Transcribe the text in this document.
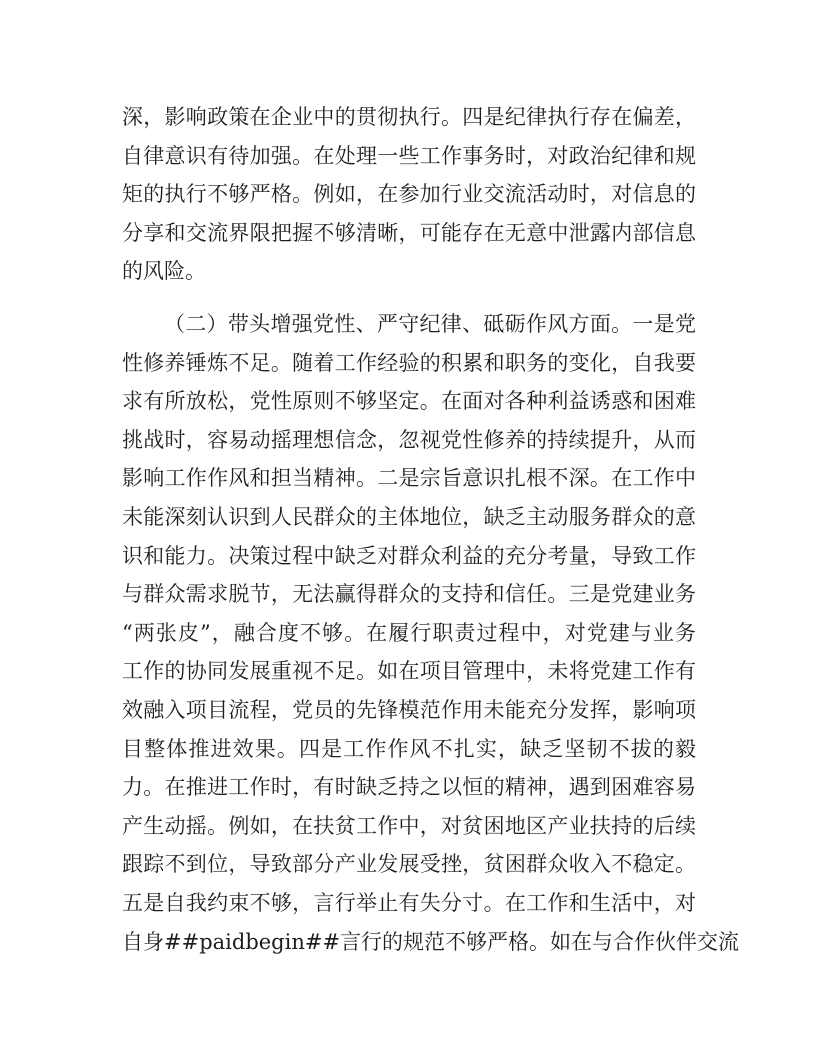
深，影响政策在企业中的贯彻执行。四是纪律执行存在偏差，
自律意识有待加强。在处理一些工作事务时，对政治纪律和规
矩的执行不够严格。例如，在参加行业交流活动时，对信息的
分享和交流界限把握不够清晰，可能存在无意中泄露内部信息
的风险。

（二）带头增强党性、严守纪律、砥砺作风方面。一是党
性修养锤炼不足。随着工作经验的积累和职务的变化，自我要
求有所放松，党性原则不够坚定。在面对各种利益诱惑和困难
挑战时，容易动摇理想信念，忽视党性修养的持续提升，从而
影响工作作风和担当精神。二是宗旨意识扎根不深。在工作中
未能深刻认识到人民群众的主体地位，缺乏主动服务群众的意
识和能力。决策过程中缺乏对群众利益的充分考量，导致工作
与群众需求脱节，无法赢得群众的支持和信任。三是党建业务
“两张皮”，融合度不够。在履行职责过程中，对党建与业务
工作的协同发展重视不足。如在项目管理中，未将党建工作有
效融入项目流程，党员的先锋模范作用未能充分发挥，影响项
目整体推进效果。四是工作作风不扎实，缺乏坚韧不拔的毅
力。在推进工作时，有时缺乏持之以恒的精神，遇到困难容易
产生动摇。例如，在扶贫工作中，对贫困地区产业扶持的后续
跟踪不到位，导致部分产业发展受挫，贫困群众收入不稳定。
五是自我约束不够，言行举止有失分寸。在工作和生活中，对
自身##paidbegin##言行的规范不够严格。如在与合作伙伴交流
